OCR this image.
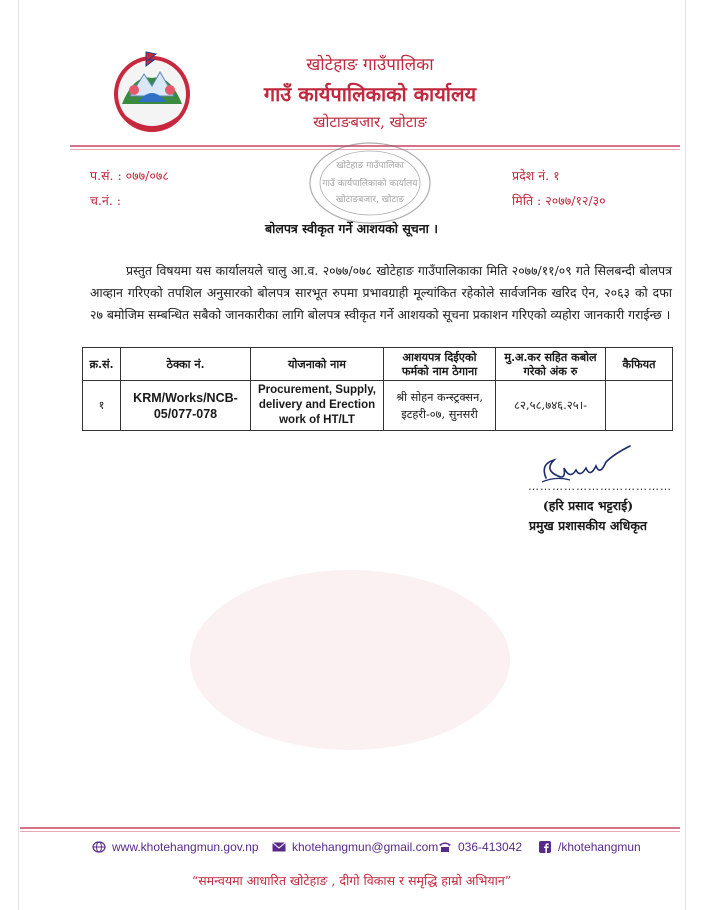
खोटेहाङ गाउँपालिका
गाउँ कार्यपालिकाको कार्यालय
खोटाङबजार, खोटाङ
खोटेहाङ गाउँपालिका
गाउँ कार्यपालिकाको कार्यालय
खोटाङबजार, खोटाङ
प.सं. : ०७७/०७८
च.नं. :
प्रदेश नं. १
मिति : २०७७/१२/३०
बोलपत्र स्वीकृत गर्ने आशयको सूचना ।

प्रस्तुत विषयमा यस कार्यालयले चालु आ.व. २०७७/०७८ खोटेहाङ गाउँपालिकाका मिति २०७७/११/०९ गते सिलबन्दी बोलपत्र आव्हान गरिएको तपशिल अनुसारको बोलपत्र सारभूत रुपमा प्रभावग्राही मूल्यांकित रहेकोले सार्वजनिक खरिद ऐन, २०६३ को दफा २७ बमोजिम सम्बन्धित सबैको जानकारीका लागि बोलपत्र स्वीकृत गर्ने आशयको सूचना प्रकाशन गरिएको व्यहोरा जानकारी गराईन्छ ।

क्र.सं.	ठेक्का नं.	योजनाको नाम	आशयपत्र दिईएको फर्मको नाम ठेगाना	मु.अ.कर सहित कबोल गरेको अंक रु	कैफियत
१	KRM/Works/NCB-05/077-078	Procurement, Supply, delivery and Erection work of HT/LT	श्री सोहन कन्स्ट्रक्सन, इटहरी-०७, सुनसरी	८२,५८,७४६.२५।-	
………………………………
(हरि प्रसाद भट्टराई)
प्रमुख प्रशासकीय अधिकृत
www.khotehangmun.gov.np	khotehangmun@gmail.com 036-413042	/khotehangmun
“समन्वयमा आधारित खोटेहाङ , दीगो विकास र समृद्धि हाम्रो अभियान”
